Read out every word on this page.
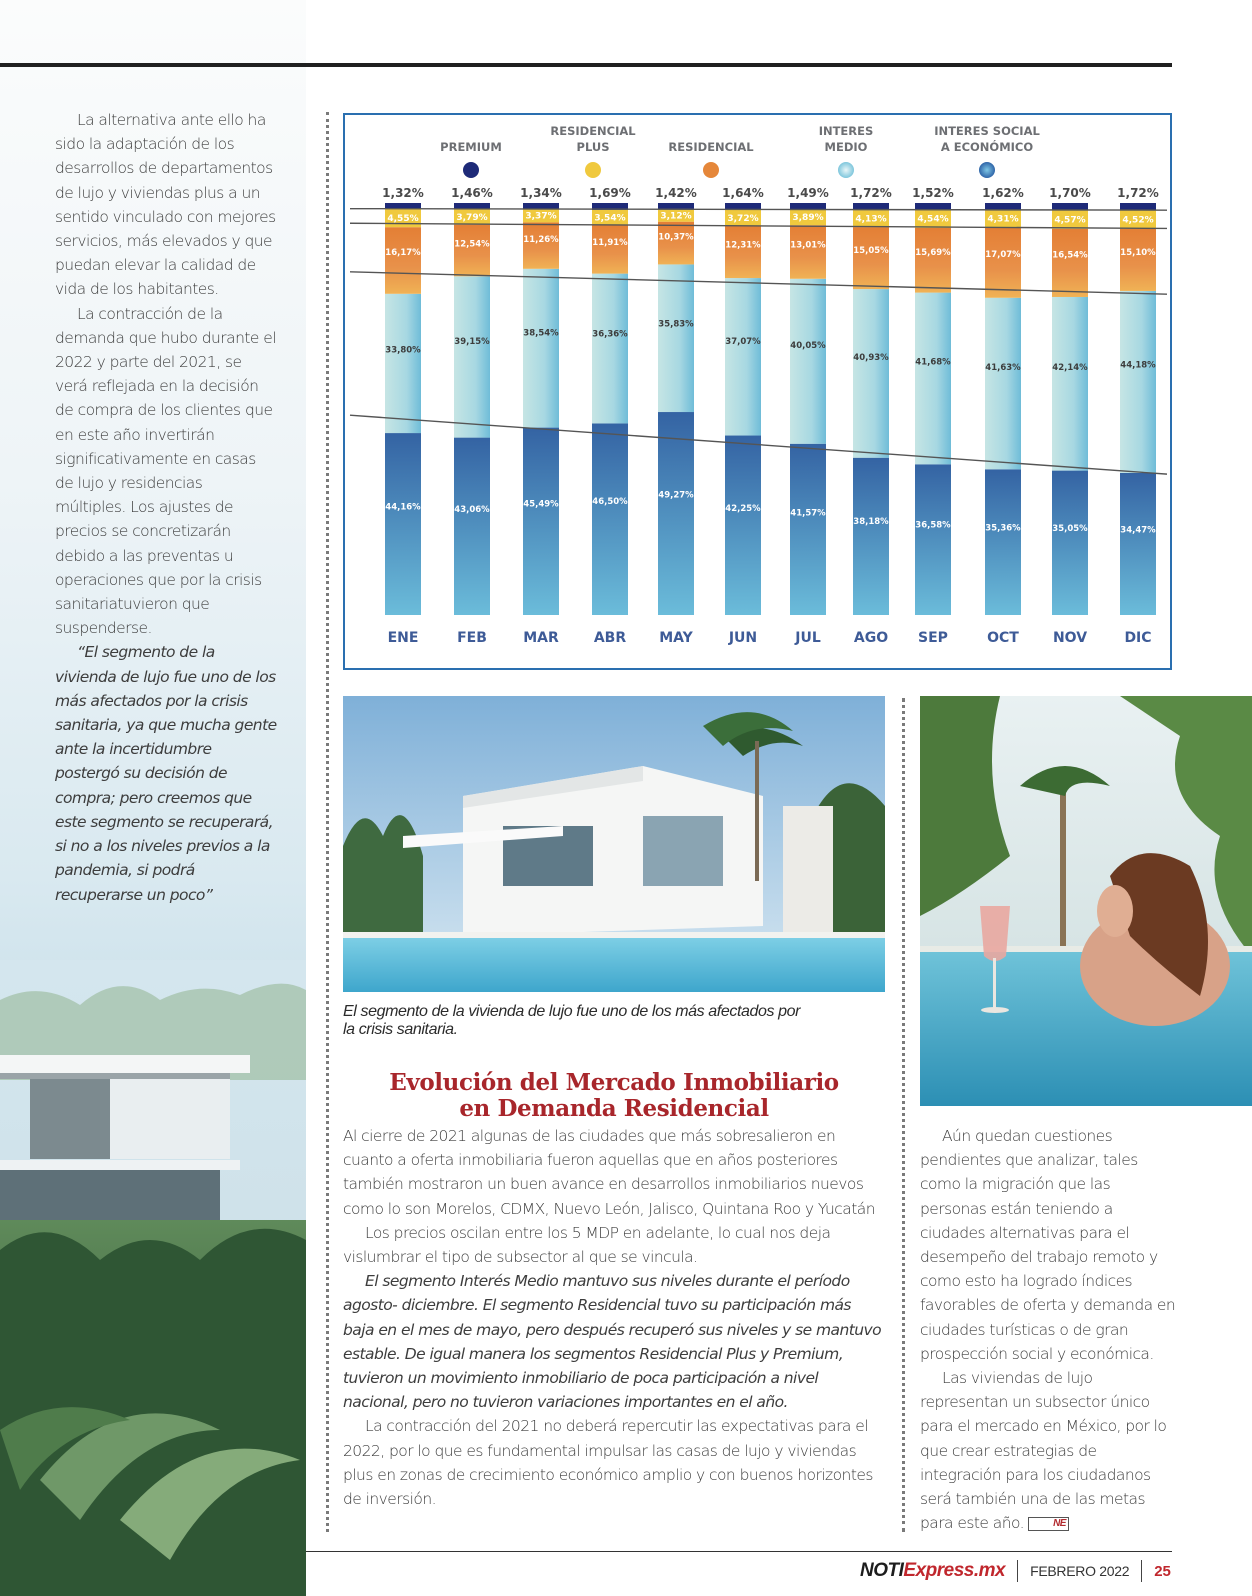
La alternativa ante ello ha sido la adaptación de los desarrollos de departamentos de lujo y viviendas plus a un sentido vinculado con mejores servicios, más elevados y que puedan elevar la calidad de vida de los habitantes.

La contracción de la demanda que hubo durante el 2022 y parte del 2021, se verá reflejada en la decisión de compra de los clientes que en este año invertirán significativamente en casas de lujo y residencias múltiples. Los ajustes de precios se concretizarán debido a las preventas u operaciones que por la crisis sanitariatuvieron que suspenderse.

“El segmento de la vivienda de lujo fue uno de los más afectados por la crisis sanitaria, ya que mucha gente ante la incertidumbre postergó su decisión de compra; pero creemos que este segmento se recuperará, si no a los niveles previos a la pandemia, si podrá recuperarse un poco”

PREMIUM
RESIDENCIAL
PLUS	RESIDENCIAL
INTERES
MEDIO
INTERES SOCIAL
A ECONÓMICO
44,16%
33,80%
16,17%
4,55%
1,32%
43,06%
39,15%
12,54%
3,79%
1,46%
45,49%
38,54%
11,26%
3,37%
1,34%
46,50%
36,36%
11,91%
3,54%
1,69%
49,27%
35,83%
10,37%
3,12%
1,42%
42,25%
37,07%
12,31%
3,72%
1,64%
41,57%
40,05%
13,01%
3,89%
1,49%
38,18%
40,93%
15,05%
4,13%
1,72%
36,58%
41,68%
15,69%
4,54%
1,52%
35,36%
41,63%
17,07%
4,31%
1,62%
35,05%
42,14%
16,54%
4,57%
1,70%
34,47%
44,18%
15,10%
4,52%
1,72%
ENE	FEB	MAR	ABR MAY	JUN	JUL AGO SEP	OCT NOV	DIC
El segmento de la vivienda de lujo fue uno de los más afectados por la crisis sanitaria.
Evolución del Mercado Inmobiliario
en Demanda Residencial

Al cierre de 2021 algunas de las ciudades que más sobresalieron en cuanto a oferta inmobiliaria fueron aquellas que en años posteriores también mostraron un buen avance en desarrollos inmobiliarios nuevos como lo son Morelos, CDMX, Nuevo León, Jalisco, Quintana Roo y Yucatán

Los precios oscilan entre los 5 MDP en adelante, lo cual nos deja vislumbrar el tipo de subsector al que se vincula.

El segmento Interés Medio mantuvo sus niveles durante el período agosto- diciembre. El segmento Residencial tuvo su participación más baja en el mes de mayo, pero después recuperó sus niveles y se mantuvo estable. De igual manera los segmentos Residencial Plus y Premium, tuvieron un movimiento inmobiliario de poca participación a nivel nacional, pero no tuvieron variaciones importantes en el año.

La contracción del 2021 no deberá repercutir las expectativas para el 2022, por lo que es fundamental impulsar las casas de lujo y viviendas plus en zonas de crecimiento económico amplio y con buenos horizontes de inversión.

Aún quedan cuestiones pendientes que analizar, tales como la migración que las personas están teniendo a ciudades alternativas para el desempeño del trabajo remoto y como esto ha logrado índices favorables de oferta y demanda en ciudades turísticas o de gran prospección social y económica.

Las viviendas de lujo representan un subsector único para el mercado en México, por lo que crear estrategias de integración para los ciudadanos será también una de las metas para este año.	NE

NOTIExpress.mx FEBRERO 2022 25
